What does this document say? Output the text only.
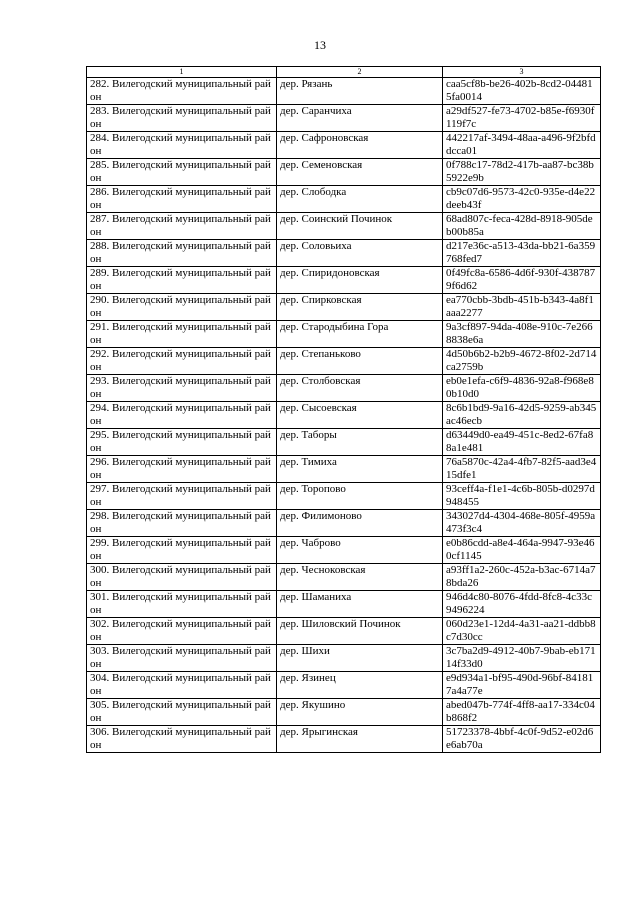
13
1	2	3

282. Вилегодский муниципальный район	дер. Рязань	caa5cf8b-be26-402b-8cd2-044815fa0014

283. Вилегодский муниципальный район	дер. Саранчиха	a29df527-fe73-4702-b85e-f6930f119f7c

284. Вилегодский муниципальный район	дер. Сафроновская	442217af-3494-48aa-a496-9f2bfddcca01

285. Вилегодский муниципальный район	дер. Семеновская	0f788c17-78d2-417b-aa87-bc38b5922e9b

286. Вилегодский муниципальный район	дер. Слободка	cb9c07d6-9573-42c0-935e-d4e22deeb43f

287. Вилегодский муниципальный район	дер. Соинский Починок	68ad807c-feca-428d-8918-905deb00b85a

288. Вилегодский муниципальный район	дер. Соловьиха	d217e36c-a513-43da-bb21-6a359768fed7

289. Вилегодский муниципальный район	дер. Спиридоновская	0f49fc8a-6586-4d6f-930f-4387879f6d62

290. Вилегодский муниципальный район	дер. Спирковская	ea770cbb-3bdb-451b-b343-4a8f1aaa2277

291. Вилегодский муниципальный район	дер. Стародыбина Гора	9a3cf897-94da-408e-910c-7e2668838e6a

292. Вилегодский муниципальный район	дер. Степаньково	4d50b6b2-b2b9-4672-8f02-2d714ca2759b

293. Вилегодский муниципальный район	дер. Столбовская	eb0e1efa-c6f9-4836-92a8-f968e80b10d0

294. Вилегодский муниципальный район	дер. Сысоевская	8c6b1bd9-9a16-42d5-9259-ab345ac46ecb

295. Вилегодский муниципальный район	дер. Таборы	d63449d0-ea49-451c-8ed2-67fa88a1e481

296. Вилегодский муниципальный район	дер. Тимиха	76a5870c-42a4-4fb7-82f5-aad3e415dfe1

297. Вилегодский муниципальный район	дер. Торопово	93ceff4a-f1e1-4c6b-805b-d0297d948455

298. Вилегодский муниципальный район	дер. Филимоново	343027d4-4304-468e-805f-4959a473f3c4

299. Вилегодский муниципальный район	дер. Чаброво	e0b86cdd-a8e4-464a-9947-93e460cf1145

300. Вилегодский муниципальный район	дер. Чесноковская	a93ff1a2-260c-452a-b3ac-6714a78bda26

301. Вилегодский муниципальный район	дер. Шаманиха	946d4c80-8076-4fdd-8fc8-4c33c9496224

302. Вилегодский муниципальный район	дер. Шиловский Починок	060d23e1-12d4-4a31-aa21-ddbb8c7d30cc

303. Вилегодский муниципальный район	дер. Шихи	3c7ba2d9-4912-40b7-9bab-eb17114f33d0

304. Вилегодский муниципальный район	дер. Язинец	e9d934a1-bf95-490d-96bf-841817a4a77e

305. Вилегодский муниципальный район	дер. Якушино	abed047b-774f-4ff8-aa17-334c04b868f2

306. Вилегодский муниципальный район	дер. Ярыгинская	51723378-4bbf-4c0f-9d52-e02d6e6ab70a
